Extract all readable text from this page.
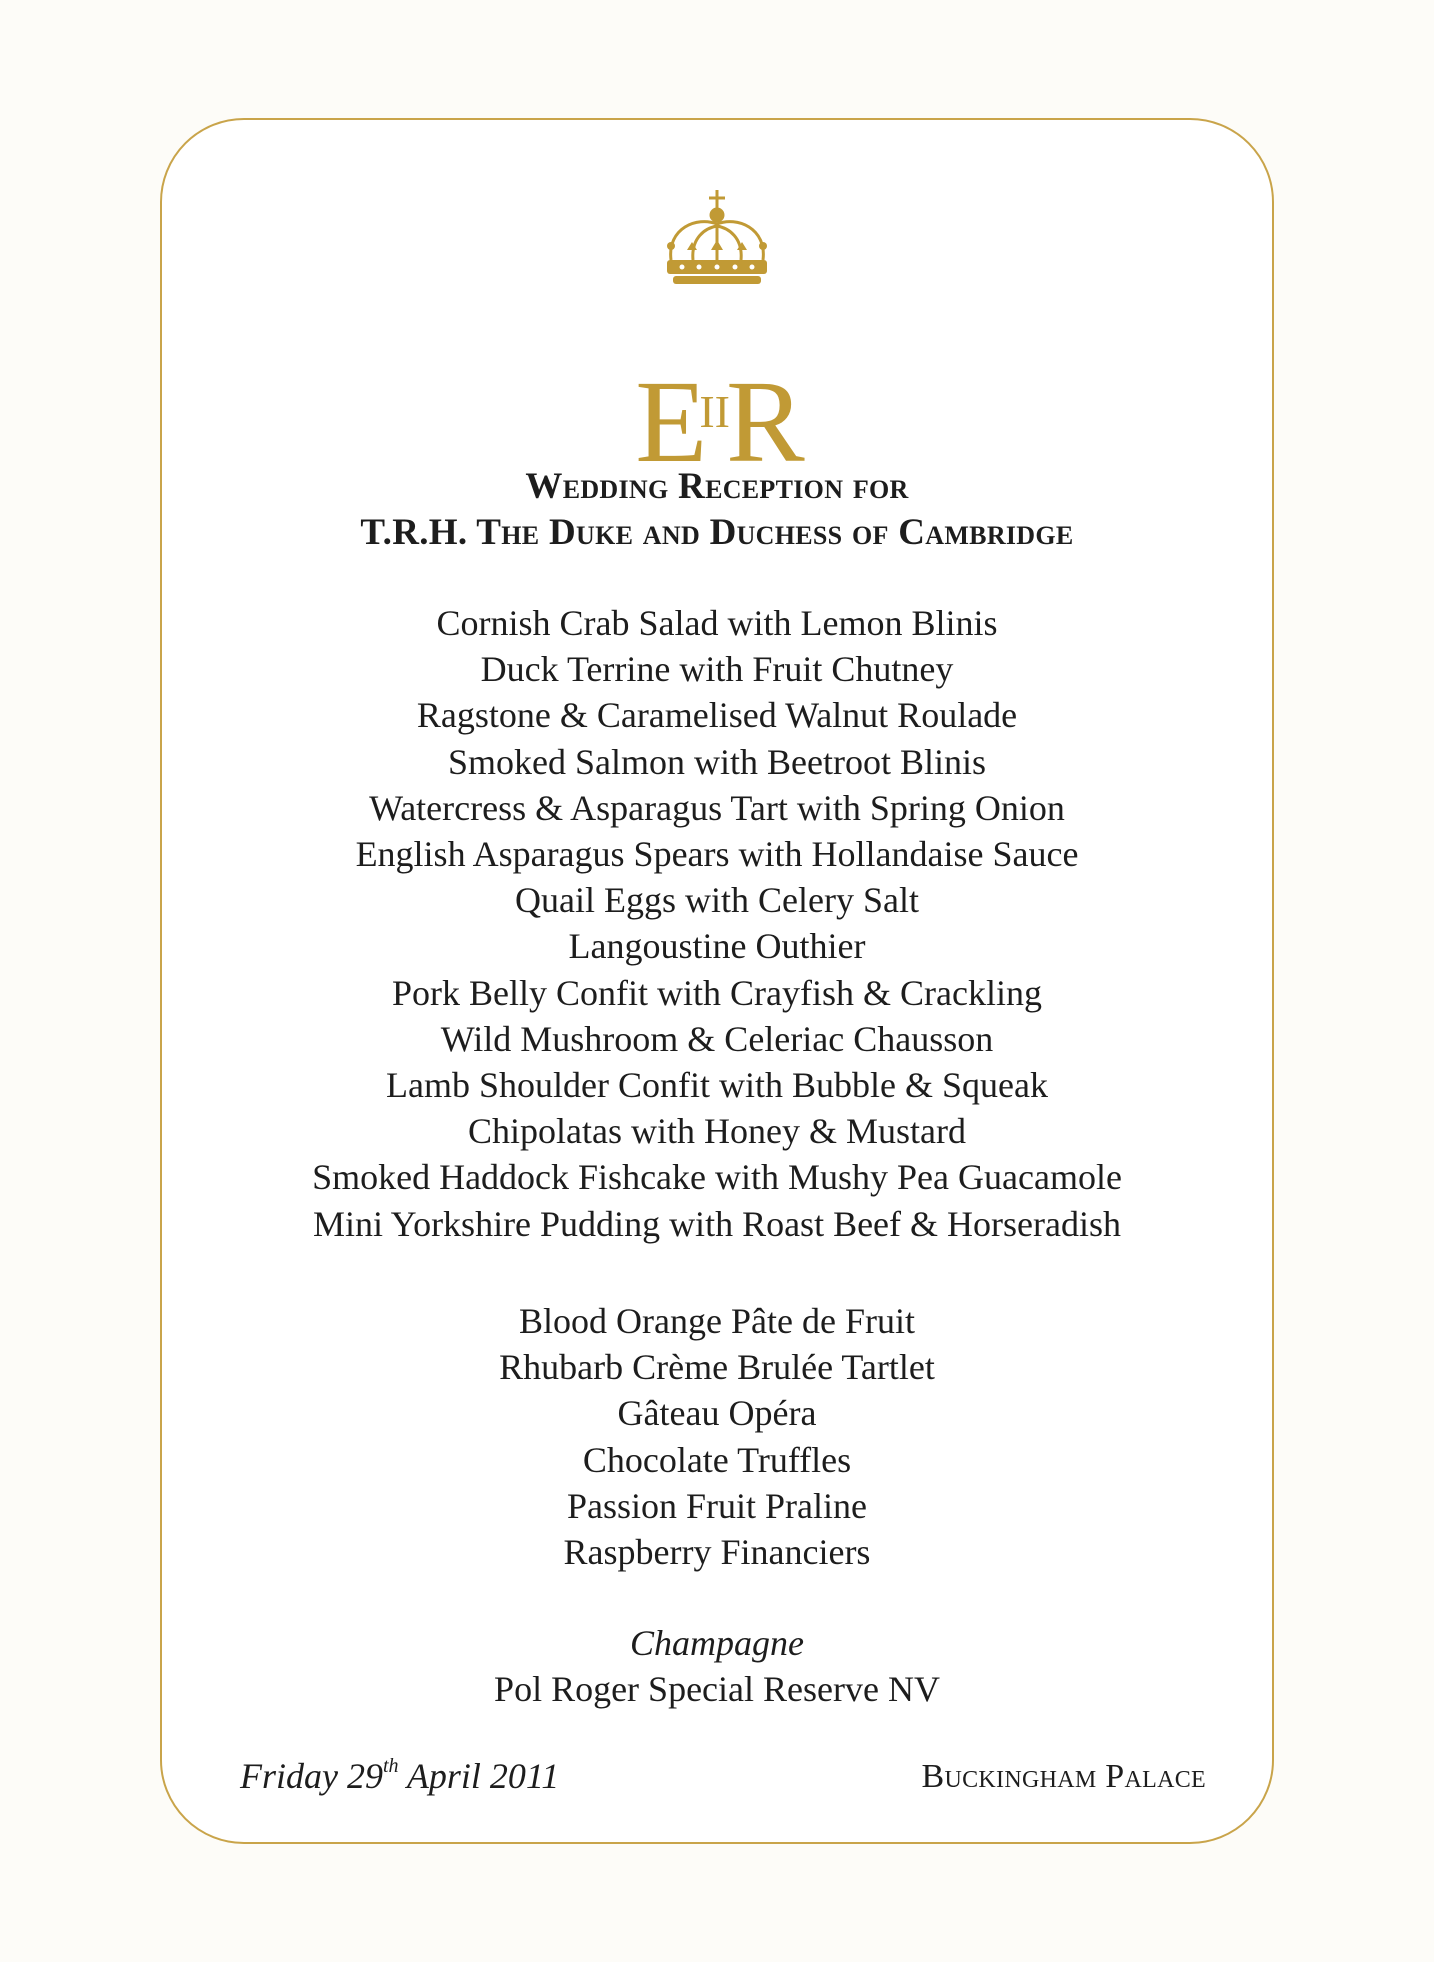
$E^{II}R$
Wedding Reception for
T.R.H. The Duke and Duchess of Cambridge
Cornish Crab Salad with Lemon Blinis
Duck Terrine with Fruit Chutney
Ragstone & Caramelised Walnut Roulade
Smoked Salmon with Beetroot Blinis
Watercress & Asparagus Tart with Spring Onion
English Asparagus Spears with Hollandaise Sauce
Quail Eggs with Celery Salt
Langoustine Outhier
Pork Belly Confit with Crayfish & Crackling
Wild Mushroom & Celeriac Chausson
Lamb Shoulder Confit with Bubble & Squeak
Chipolatas with Honey & Mustard
Smoked Haddock Fishcake with Mushy Pea Guacamole
Mini Yorkshire Pudding with Roast Beef & Horseradish
Blood Orange Pâte de Fruit
Rhubarb Crème Brulée Tartlet
Gâteau Opéra
Chocolate Truffles
Passion Fruit Praline
Raspberry Financiers
Champagne
Pol Roger Special Reserve NV
Friday 29th April 2011	Buckingham Palace
